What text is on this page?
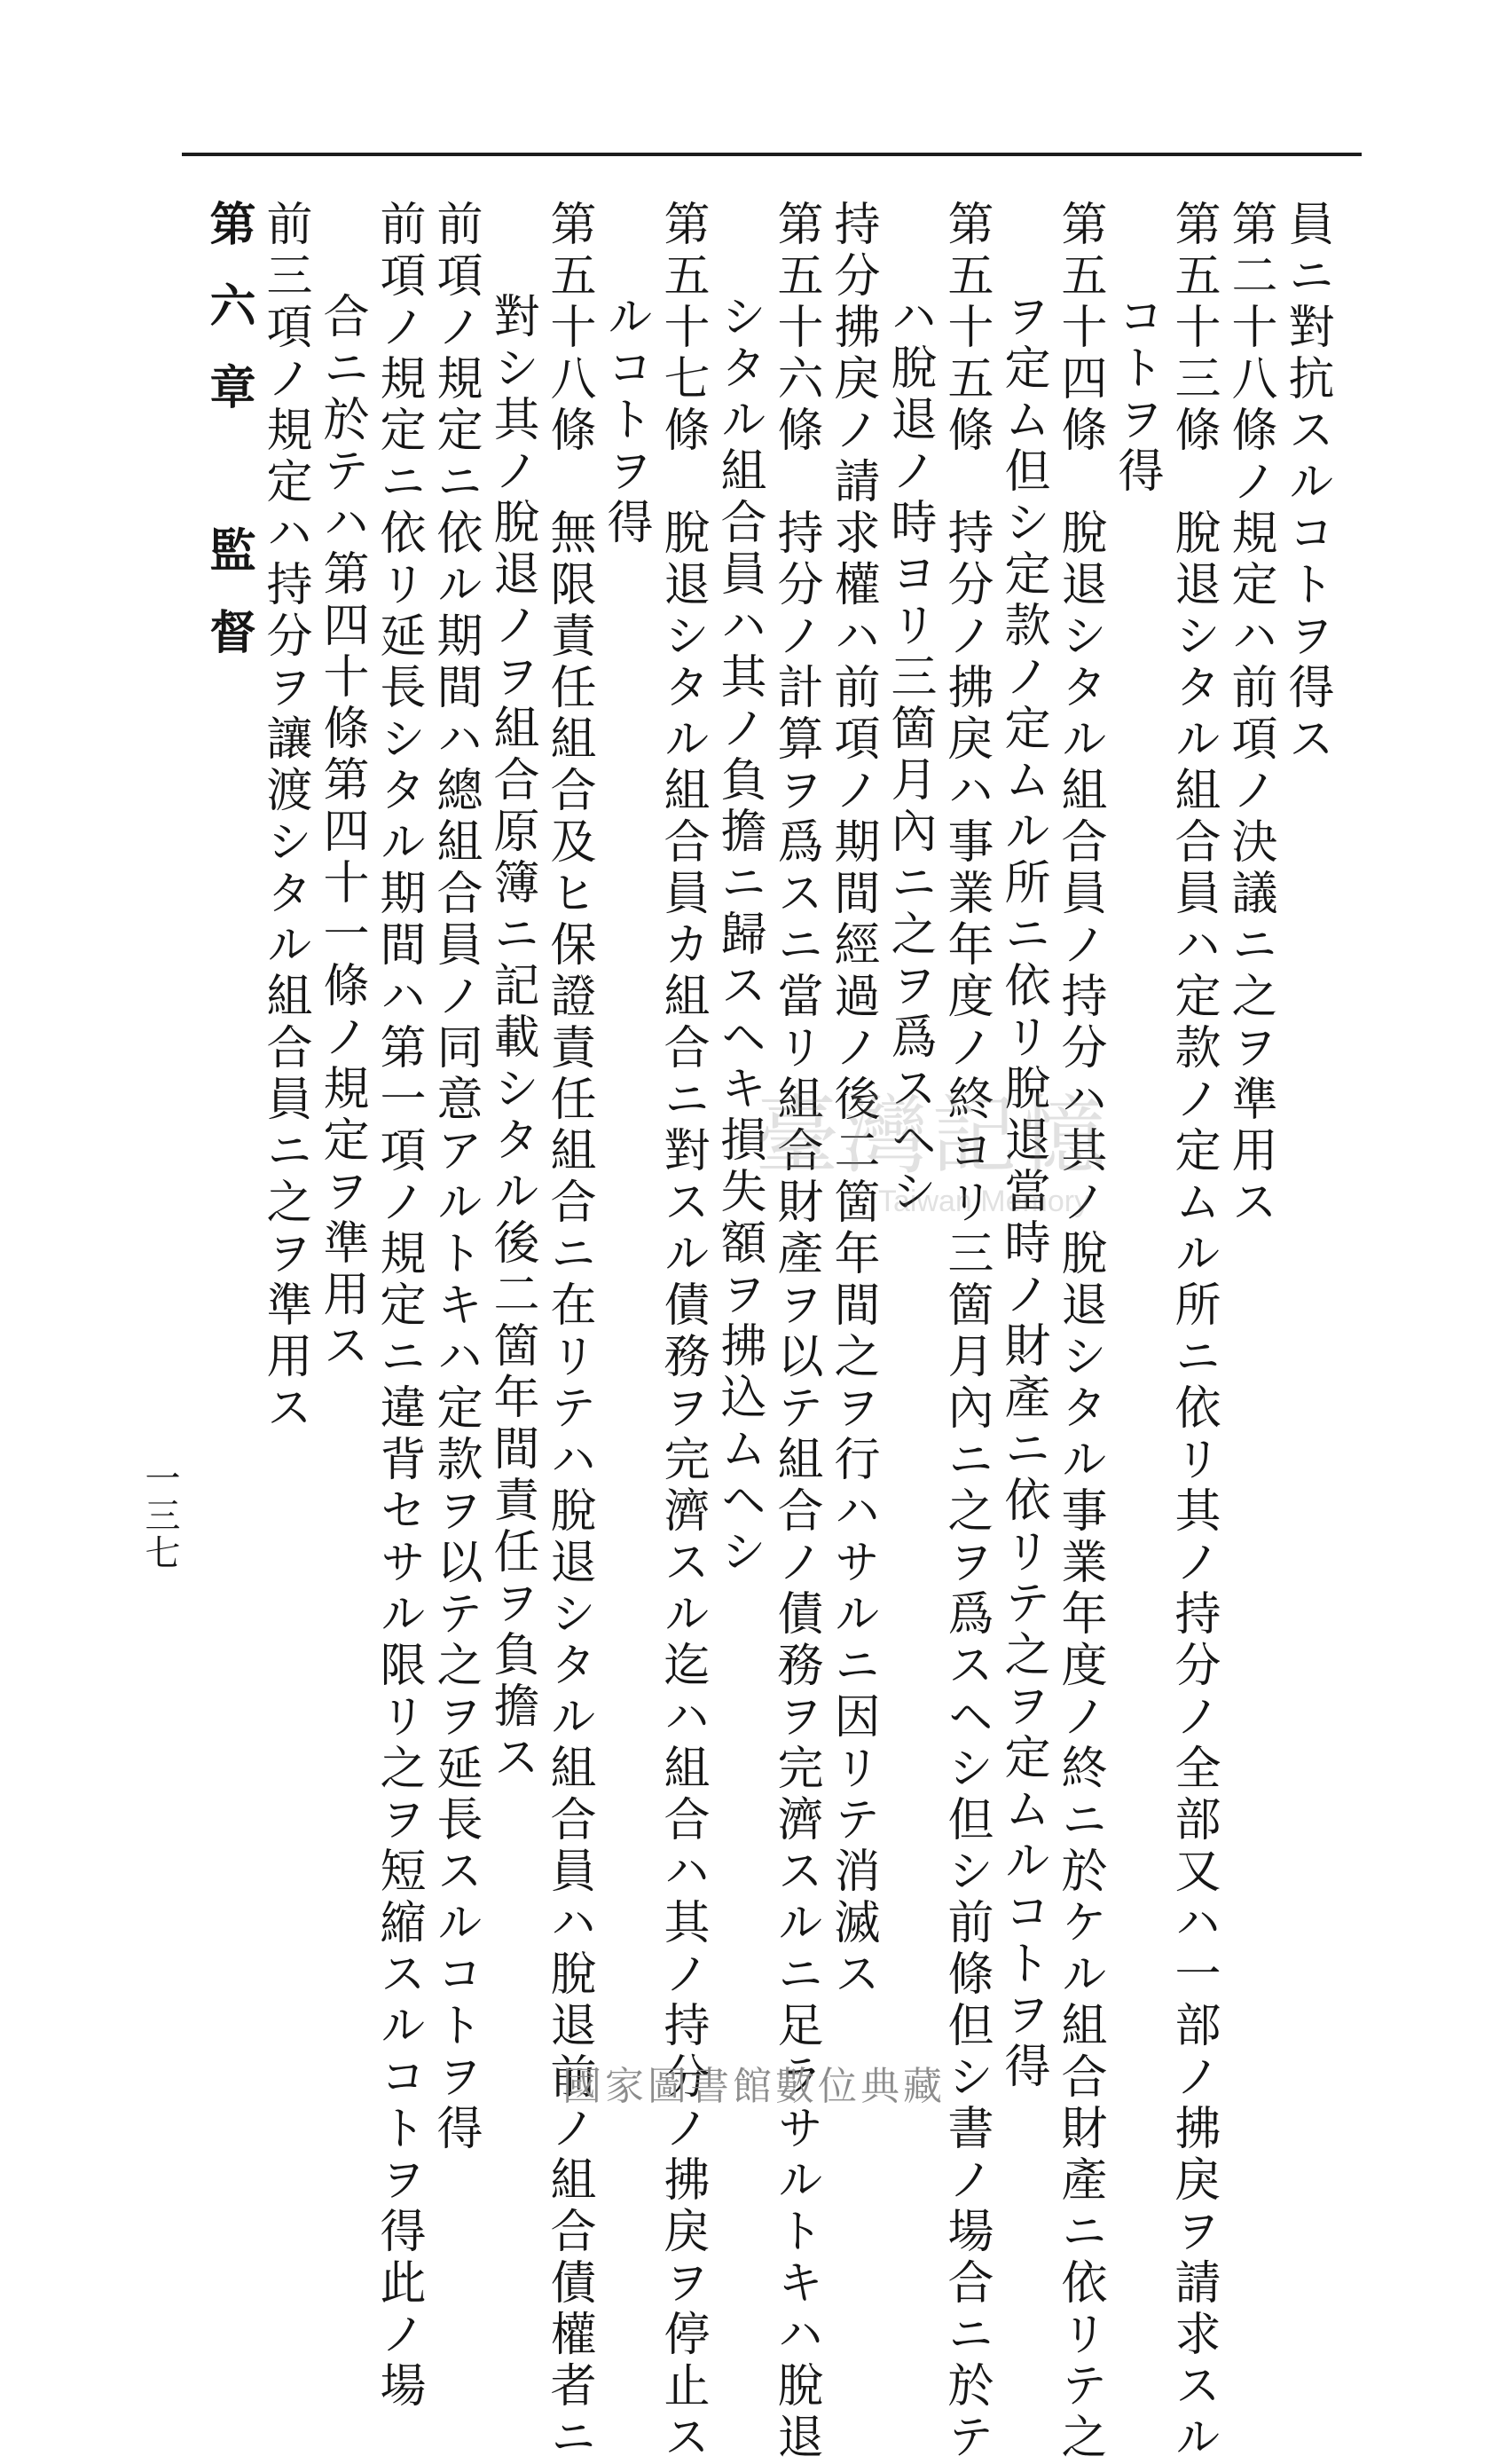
員ニ對抗スルコトヲ得ス
第二十八條ノ規定ハ前項ノ決議ニ之ヲ準用ス
第五十三條　脫退シタル組合員ハ定款ノ定ムル所ニ依リ其ノ持分ノ全部又ハ一部ノ拂戾ヲ請求スル
コトヲ得
第五十四條　脫退シタル組合員ノ持分ハ其ノ脫退シタル事業年度ノ終ニ於ケル組合財產ニ依リテ之
ヲ定ム但シ定款ノ定ムル所ニ依リ脫退當時ノ財產ニ依リテ之ヲ定ムルコトヲ得
第五十五條　持分ノ拂戾ハ事業年度ノ終ヨリ三箇月內ニ之ヲ爲スヘシ但シ前條但シ書ノ場合ニ於テ
ハ脫退ノ時ヨリ三箇月內ニ之ヲ爲スヘシ
持分拂戾ノ請求權ハ前項ノ期間經過ノ後二箇年間之ヲ行ハサルニ因リテ消滅ス
第五十六條　持分ノ計算ヲ爲スニ當リ組合財產ヲ以テ組合ノ債務ヲ完濟スルニ足ラサルトキハ脫退
シタル組合員ハ其ノ負擔ニ歸スヘキ損失額ヲ拂込ムヘシ
第五十七條　脫退シタル組合員カ組合ニ對スル債務ヲ完濟スル迄ハ組合ハ其ノ持分ノ拂戾ヲ停止ス
ルコトヲ得
第五十八條　無限責任組合及ヒ保證責任組合ニ在リテハ脫退シタル組合員ハ脫退前ノ組合債權者ニ
對シ其ノ脫退ノヲ組合原簿ニ記載シタル後二箇年間責任ヲ負擔ス
前項ノ規定ニ依ル期間ハ總組合員ノ同意アルトキハ定款ヲ以テ之ヲ延長スルコトヲ得
前項ノ規定ニ依リ延長シタル期間ハ第一項ノ規定ニ違背セサル限リ之ヲ短縮スルコトヲ得此ノ場
合ニ於テハ第四十條第四十一條ノ規定ヲ準用ス
前三項ノ規定ハ持分ヲ讓渡シタル組合員ニ之ヲ準用ス
第六章　監督
一三七
臺灣記憶
Taiwan Memory
國家圖書館數位典藏
